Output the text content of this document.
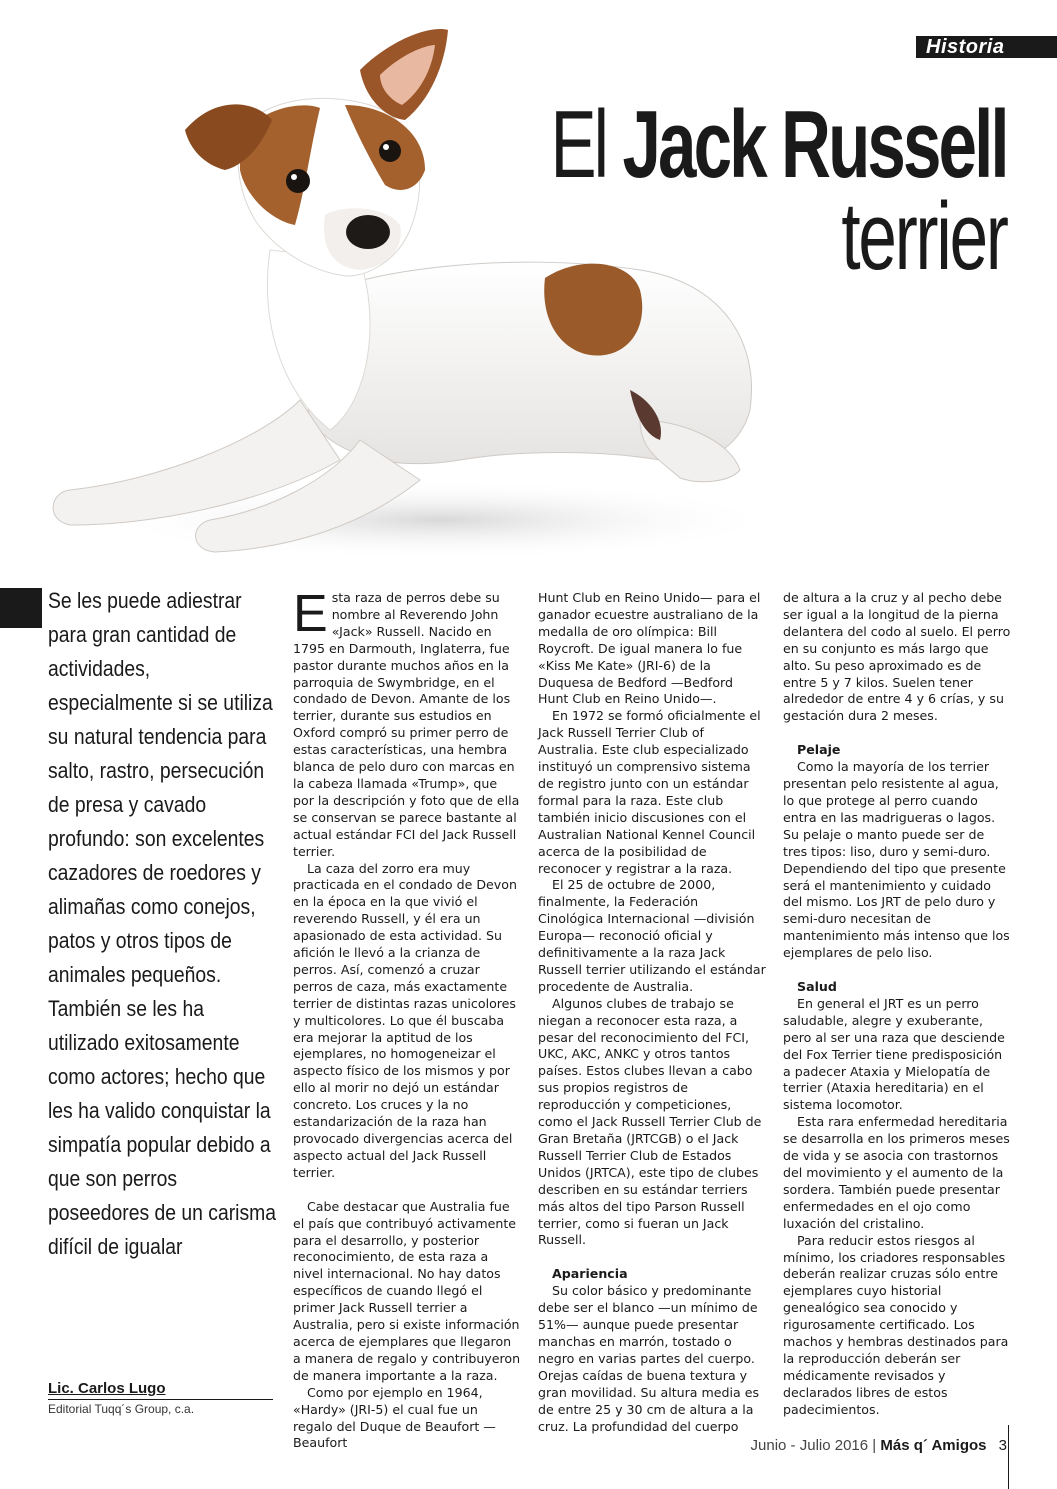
Historia
El Jack Russell
terrier
Se les puede adiestrar para gran cantidad de actividades, especialmente si se utiliza su natural tendencia para salto, rastro, persecución de presa y cavado profundo: son excelentes cazadores de roedores y alimañas como conejos, patos y otros tipos de animales pequeños. También se les ha utilizado exitosamente como actores; hecho que les ha valido conquistar la simpatía popular debido a que son perros poseedores de un carisma difícil de igualar
Lic. Carlos Lugo
Editorial Tuqq´s Group, c.a.

Esta raza de perros debe su nombre al Reverendo John «Jack» Russell. Nacido en 1795 en Darmouth, Inglaterra, fue pastor durante muchos años en la parroquia de Swymbridge, en el condado de Devon. Amante de los terrier, durante sus estudios en Oxford compró su primer perro de estas características, una hembra blanca de pelo duro con marcas en la cabeza llamada «Trump», que por la descripción y foto que de ella se conservan se parece bastante al actual estándar FCI del Jack Russell terrier.

La caza del zorro era muy practicada en el condado de Devon en la época en la que vivió el reverendo Russell, y él era un apasionado de esta actividad. Su afición le llevó a la crianza de perros. Así, comenzó a cruzar perros de caza, más exactamente terrier de distintas razas unicolores y multicolores. Lo que él buscaba era mejorar la aptitud de los ejemplares, no homogeneizar el aspecto físico de los mismos y por ello al morir no dejó un estándar concreto. Los cruces y la no estandarización de la raza han provocado divergencias acerca del aspecto actual del Jack Russell terrier.

Cabe destacar que Australia fue el país que contribuyó activamente para el desarrollo, y posterior reconocimiento, de esta raza a nivel internacional. No hay datos específicos de cuando llegó el primer Jack Russell terrier a Australia, pero si existe información acerca de ejemplares que llegaron a manera de regalo y contribuyeron de manera importante a la raza.

Como por ejemplo en 1964, «Hardy» (JRI-5) el cual fue un regalo del Duque de Beaufort —Beaufort

Hunt Club en Reino Unido— para el ganador ecuestre australiano de la medalla de oro olímpica: Bill Roycroft. De igual manera lo fue «Kiss Me Kate» (JRI-6) de la Duquesa de Bedford —Bedford Hunt Club en Reino Unido—.

En 1972 se formó oficialmente el Jack Russell Terrier Club of Australia. Este club especializado instituyó un comprensivo sistema de registro junto con un estándar formal para la raza. Este club también inicio discusiones con el Australian National Kennel Council acerca de la posibilidad de reconocer y registrar a la raza.

El 25 de octubre de 2000, finalmente, la Federación Cinológica Internacional —división Europa— reconoció oficial y definitivamente a la raza Jack Russell terrier utilizando el estándar procedente de Australia.

Algunos clubes de trabajo se niegan a reconocer esta raza, a pesar del reconocimiento del FCI, UKC, AKC, ANKC y otros tantos países. Estos clubes llevan a cabo sus propios registros de reproducción y competiciones, como el Jack Russell Terrier Club de Gran Bretaña (JRTCGB) o el Jack Russell Terrier Club de Estados Unidos (JRTCA), este tipo de clubes describen en su estándar terriers más altos del tipo Parson Russell terrier, como si fueran un Jack Russell.

Apariencia

Su color básico y predominante debe ser el blanco —un mínimo de 51%— aunque puede presentar manchas en marrón, tostado o negro en varias partes del cuerpo. Orejas caídas de buena textura y gran movilidad. Su altura media es de entre 25 y 30 cm de altura a la cruz. La profundidad del cuerpo

de altura a la cruz y al pecho debe ser igual a la longitud de la pierna delantera del codo al suelo. El perro en su conjunto es más largo que alto. Su peso aproximado es de entre 5 y 7 kilos. Suelen tener alrededor de entre 4 y 6 crías, y su gestación dura 2 meses.

Pelaje

Como la mayoría de los terrier presentan pelo resistente al agua, lo que protege al perro cuando entra en las madrigueras o lagos. Su pelaje o manto puede ser de tres tipos: liso, duro y semi-duro. Dependiendo del tipo que presente será el mantenimiento y cuidado del mismo. Los JRT de pelo duro y semi-duro necesitan de mantenimiento más intenso que los ejemplares de pelo liso.

Salud

En general el JRT es un perro saludable, alegre y exuberante, pero al ser una raza que desciende del Fox Terrier tiene predisposición a padecer Ataxia y Mielopatía de terrier (Ataxia hereditaria) en el sistema locomotor.

Esta rara enfermedad hereditaria se desarrolla en los primeros meses de vida y se asocia con trastornos del movimiento y el aumento de la sordera. También puede presentar enfermedades en el ojo como luxación del cristalino.

Para reducir estos riesgos al mínimo, los criadores responsables deberán realizar cruzas sólo entre ejemplares cuyo historial genealógico sea conocido y rigurosamente certificado. Los machos y hembras destinados para la reproducción deberán ser médicamente revisados y declarados libres de estos padecimientos.

Junio - Julio 2016 | Más q´ Amigos 3
